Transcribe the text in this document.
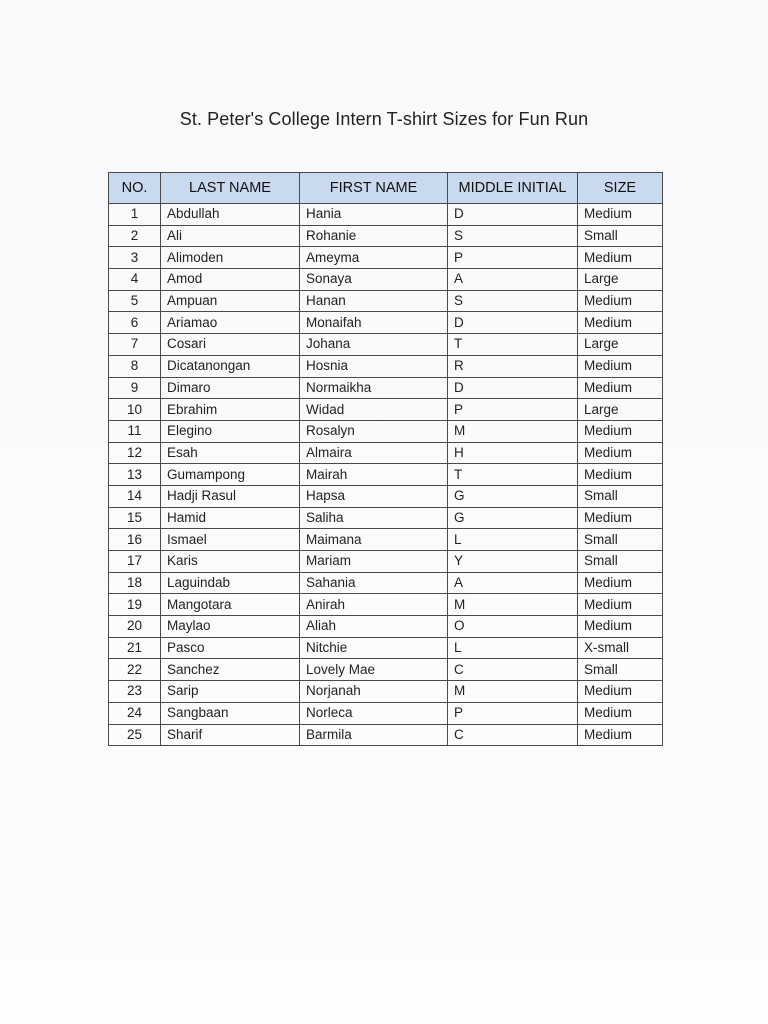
St. Peter's College Intern T-shirt Sizes for Fun Run
NO.	LAST NAME	FIRST NAME	MIDDLE INITIAL	SIZE
1	Abdullah	Hania	D	Medium
2	Ali	Rohanie	S	Small
3	Alimoden	Ameyma	P	Medium
4	Amod	Sonaya	A	Large
5	Ampuan	Hanan	S	Medium
6	Ariamao	Monaifah	D	Medium
7	Cosari	Johana	T	Large
8	Dicatanongan	Hosnia	R	Medium
9	Dimaro	Normaikha	D	Medium
10	Ebrahim	Widad	P	Large
11	Elegino	Rosalyn	M	Medium
12	Esah	Almaira	H	Medium
13	Gumampong	Mairah	T	Medium
14	Hadji Rasul	Hapsa	G	Small
15	Hamid	Saliha	G	Medium
16	Ismael	Maimana	L	Small
17	Karis	Mariam	Y	Small
18	Laguindab	Sahania	A	Medium
19	Mangotara	Anirah	M	Medium
20	Maylao	Aliah	O	Medium
21	Pasco	Nitchie	L	X-small
22	Sanchez	Lovely Mae	C	Small
23	Sarip	Norjanah	M	Medium
24	Sangbaan	Norleca	P	Medium
25	Sharif	Barmila	C	Medium
